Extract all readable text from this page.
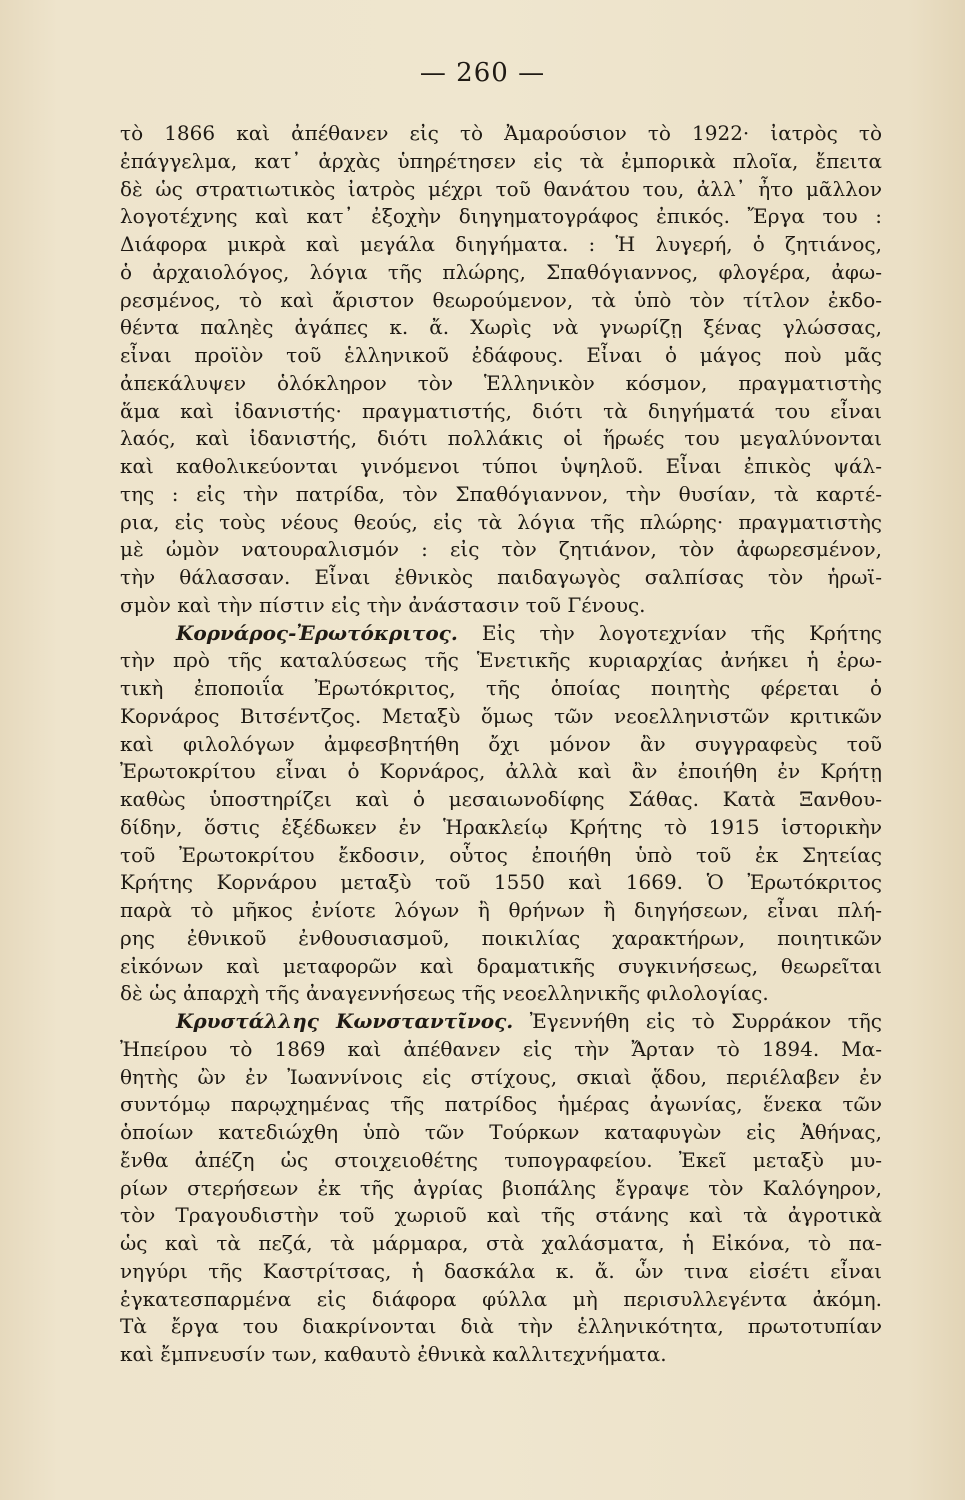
— 260 —
τὸ 1866 καὶ ἀπέθανεν εἰς τὸ Ἀμαρούσιον τὸ 1922· ἰατρὸς τὸ
ἐπάγγελμα, κατ᾿ ἀρχὰς ὑπηρέτησεν εἰς τὰ ἐμπορικὰ πλοῖα, ἔπειτα
δὲ ὡς στρατιωτικὸς ἰατρὸς μέχρι τοῦ θανάτου του, ἀλλ᾿ ἦτο μᾶλλον
λογοτέχνης καὶ κατ᾿ ἐξοχὴν διηγηματογράφος ἐπικός. Ἔργα του :
Διάφορα μικρὰ καὶ μεγάλα διηγήματα. : Ἡ λυγερή, ὁ ζητιάνος,
ὁ ἀρχαιολόγος, λόγια τῆς πλώρης, Σπαθόγιαννος, φλογέρα, ἀφω-
ρεσμένος, τὸ καὶ ἄριστον θεωρούμενον, τὰ ὑπὸ τὸν τίτλον ἐκδο-
θέντα παληὲς ἀγάπες κ. ἄ. Χωρὶς νὰ γνωρίζῃ ξένας γλώσσας,
εἶναι προϊὸν τοῦ ἑλληνικοῦ ἐδάφους. Εἶναι ὁ μάγος ποὺ μᾶς
ἀπεκάλυψεν ὁλόκληρον τὸν Ἑλληνικὸν κόσμον, πραγματιστὴς
ἅμα καὶ ἰδανιστής· πραγματιστής, διότι τὰ διηγήματά του εἶναι
λαός, καὶ ἰδανιστής, διότι πολλάκις οἱ ἥρωές του μεγαλύνονται
καὶ καθολικεύονται γινόμενοι τύποι ὑψηλοῦ. Εἶναι ἐπικὸς ψάλ-
της : εἰς τὴν πατρίδα, τὸν Σπαθόγιαννον, τὴν θυσίαν, τὰ καρτέ-
ρια, εἰς τοὺς νέους θεούς, εἰς τὰ λόγια τῆς πλώρης· πραγματιστὴς
μὲ ὠμὸν νατουραλισμόν : εἰς τὸν ζητιάνον, τὸν ἀφωρεσμένον,
τὴν θάλασσαν. Εἶναι ἐθνικὸς παιδαγωγὸς σαλπίσας τὸν ἡρωϊ-
σμὸν καὶ τὴν πίστιν εἰς τὴν ἀνάστασιν τοῦ Γένους.
Κορνάρος-Ἐρωτόκριτος. Εἰς τὴν λογοτεχνίαν τῆς Κρήτης
τὴν πρὸ τῆς καταλύσεως τῆς Ἑνετικῆς κυριαρχίας ἀνήκει ἡ ἐρω-
τικὴ ἐποποιΐα Ἐρωτόκριτος, τῆς ὁποίας ποιητὴς φέρεται ὁ
Κορνάρος Βιτσέντζος. Μεταξὺ ὅμως τῶν νεοελληνιστῶν κριτικῶν
καὶ φιλολόγων ἀμφεσβητήθη ὄχι μόνον ἂν συγγραφεὺς τοῦ
Ἐρωτοκρίτου εἶναι ὁ Κορνάρος, ἀλλὰ καὶ ἂν ἐποιήθη ἐν Κρήτῃ
καθὼς ὑποστηρίζει καὶ ὁ μεσαιωνοδίφης Σάθας. Κατὰ Ξανθου-
δίδην, ὅστις ἐξέδωκεν ἐν Ἡρακλείῳ Κρήτης τὸ 1915 ἱστορικὴν
τοῦ Ἐρωτοκρίτου ἔκδοσιν, οὗτος ἐποιήθη ὑπὸ τοῦ ἐκ Σητείας
Κρήτης Κορνάρου μεταξὺ τοῦ 1550 καὶ 1669. Ὁ Ἐρωτόκριτος
παρὰ τὸ μῆκος ἐνίοτε λόγων ἢ θρήνων ἢ διηγήσεων, εἶναι πλή-
ρης ἐθνικοῦ ἐνθουσιασμοῦ, ποικιλίας χαρακτήρων, ποιητικῶν
εἰκόνων καὶ μεταφορῶν καὶ δραματικῆς συγκινήσεως, θεωρεῖται
δὲ ὡς ἀπαρχὴ τῆς ἀναγεννήσεως τῆς νεοελληνικῆς φιλολογίας.
Κρυστάλλης Κωνσταντῖνος. Ἐγεννήθη εἰς τὸ Συρράκον τῆς
Ἠπείρου τὸ 1869 καὶ ἀπέθανεν εἰς τὴν Ἄρταν τὸ 1894. Μα-
θητὴς ὢν ἐν Ἰωαννίνοις εἰς στίχους, σκιαὶ ᾅδου, περιέλαβεν ἐν
συντόμῳ παρῳχημένας τῆς πατρίδος ἡμέρας ἀγωνίας, ἕνεκα τῶν
ὁποίων κατεδιώχθη ὑπὸ τῶν Τούρκων καταφυγὼν εἰς Ἀθήνας,
ἔνθα ἀπέζη ὡς στοιχειοθέτης τυπογραφείου. Ἐκεῖ μεταξὺ μυ-
ρίων στερήσεων ἐκ τῆς ἀγρίας βιοπάλης ἔγραψε τὸν Καλόγηρον,
τὸν Τραγουδιστὴν τοῦ χωριοῦ καὶ τῆς στάνης καὶ τὰ ἀγροτικὰ
ὡς καὶ τὰ πεζά, τὰ μάρμαρα, στὰ χαλάσματα, ἡ Εἰκόνα, τὸ πα-
νηγύρι τῆς Καστρίτσας, ἡ δασκάλα κ. ἄ. ὧν τινα εἰσέτι εἶναι
ἐγκατεσπαρμένα εἰς διάφορα φύλλα μὴ περισυλλεγέντα ἀκόμη.
Τὰ ἔργα του διακρίνονται διὰ τὴν ἑλληνικότητα, πρωτοτυπίαν
καὶ ἔμπνευσίν των, καθαυτὸ ἐθνικὰ καλλιτεχνήματα.
